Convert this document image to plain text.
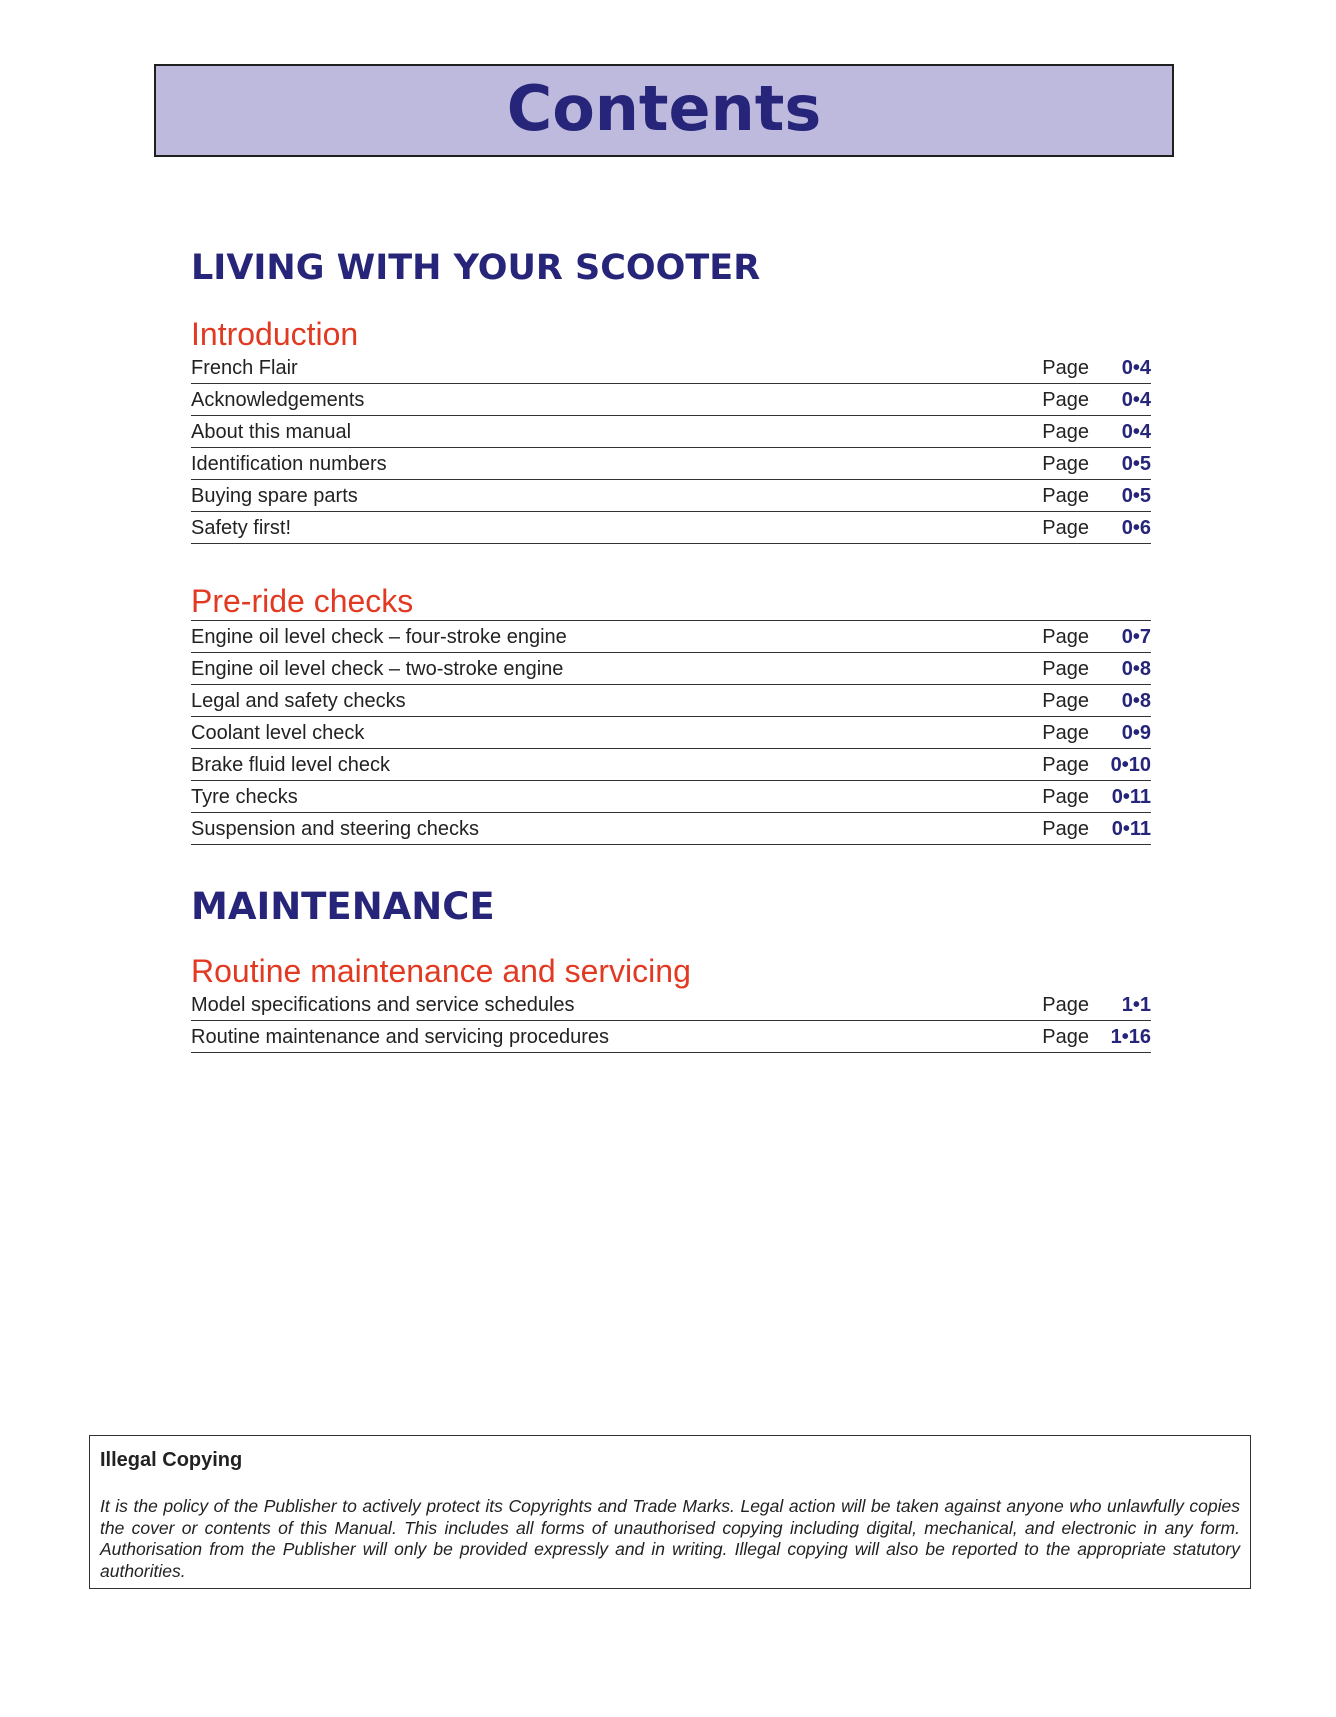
Contents
LIVING WITH YOUR SCOOTER
Introduction
French Flair	Page 0•4
Acknowledgements	Page 0•4
About this manual	Page 0•4
Identification numbers	Page 0•5
Buying spare parts	Page 0•5
Safety first!	Page 0•6
Pre-ride checks
Engine oil level check – four-stroke engine	Page 0•7
Engine oil level check – two-stroke engine	Page 0•8
Legal and safety checks	Page 0•8
Coolant level check	Page 0•9
Brake fluid level check	Page 0•10
Tyre checks	Page 0•11
Suspension and steering checks	Page 0•11
MAINTENANCE
Routine maintenance and servicing
Model specifications and service schedules	Page 1•1
Routine maintenance and servicing procedures	Page 1•16
Illegal Copying
It is the policy of the Publisher to actively protect its Copyrights and Trade Marks. Legal action will be taken against anyone who unlawfully copies the cover or contents of this Manual. This includes all forms of unauthorised copying including digital, mechanical, and electronic in any form. Authorisation from the Publisher will only be provided expressly and in writing. Illegal copying will also be reported to the appropriate statutory authorities.
